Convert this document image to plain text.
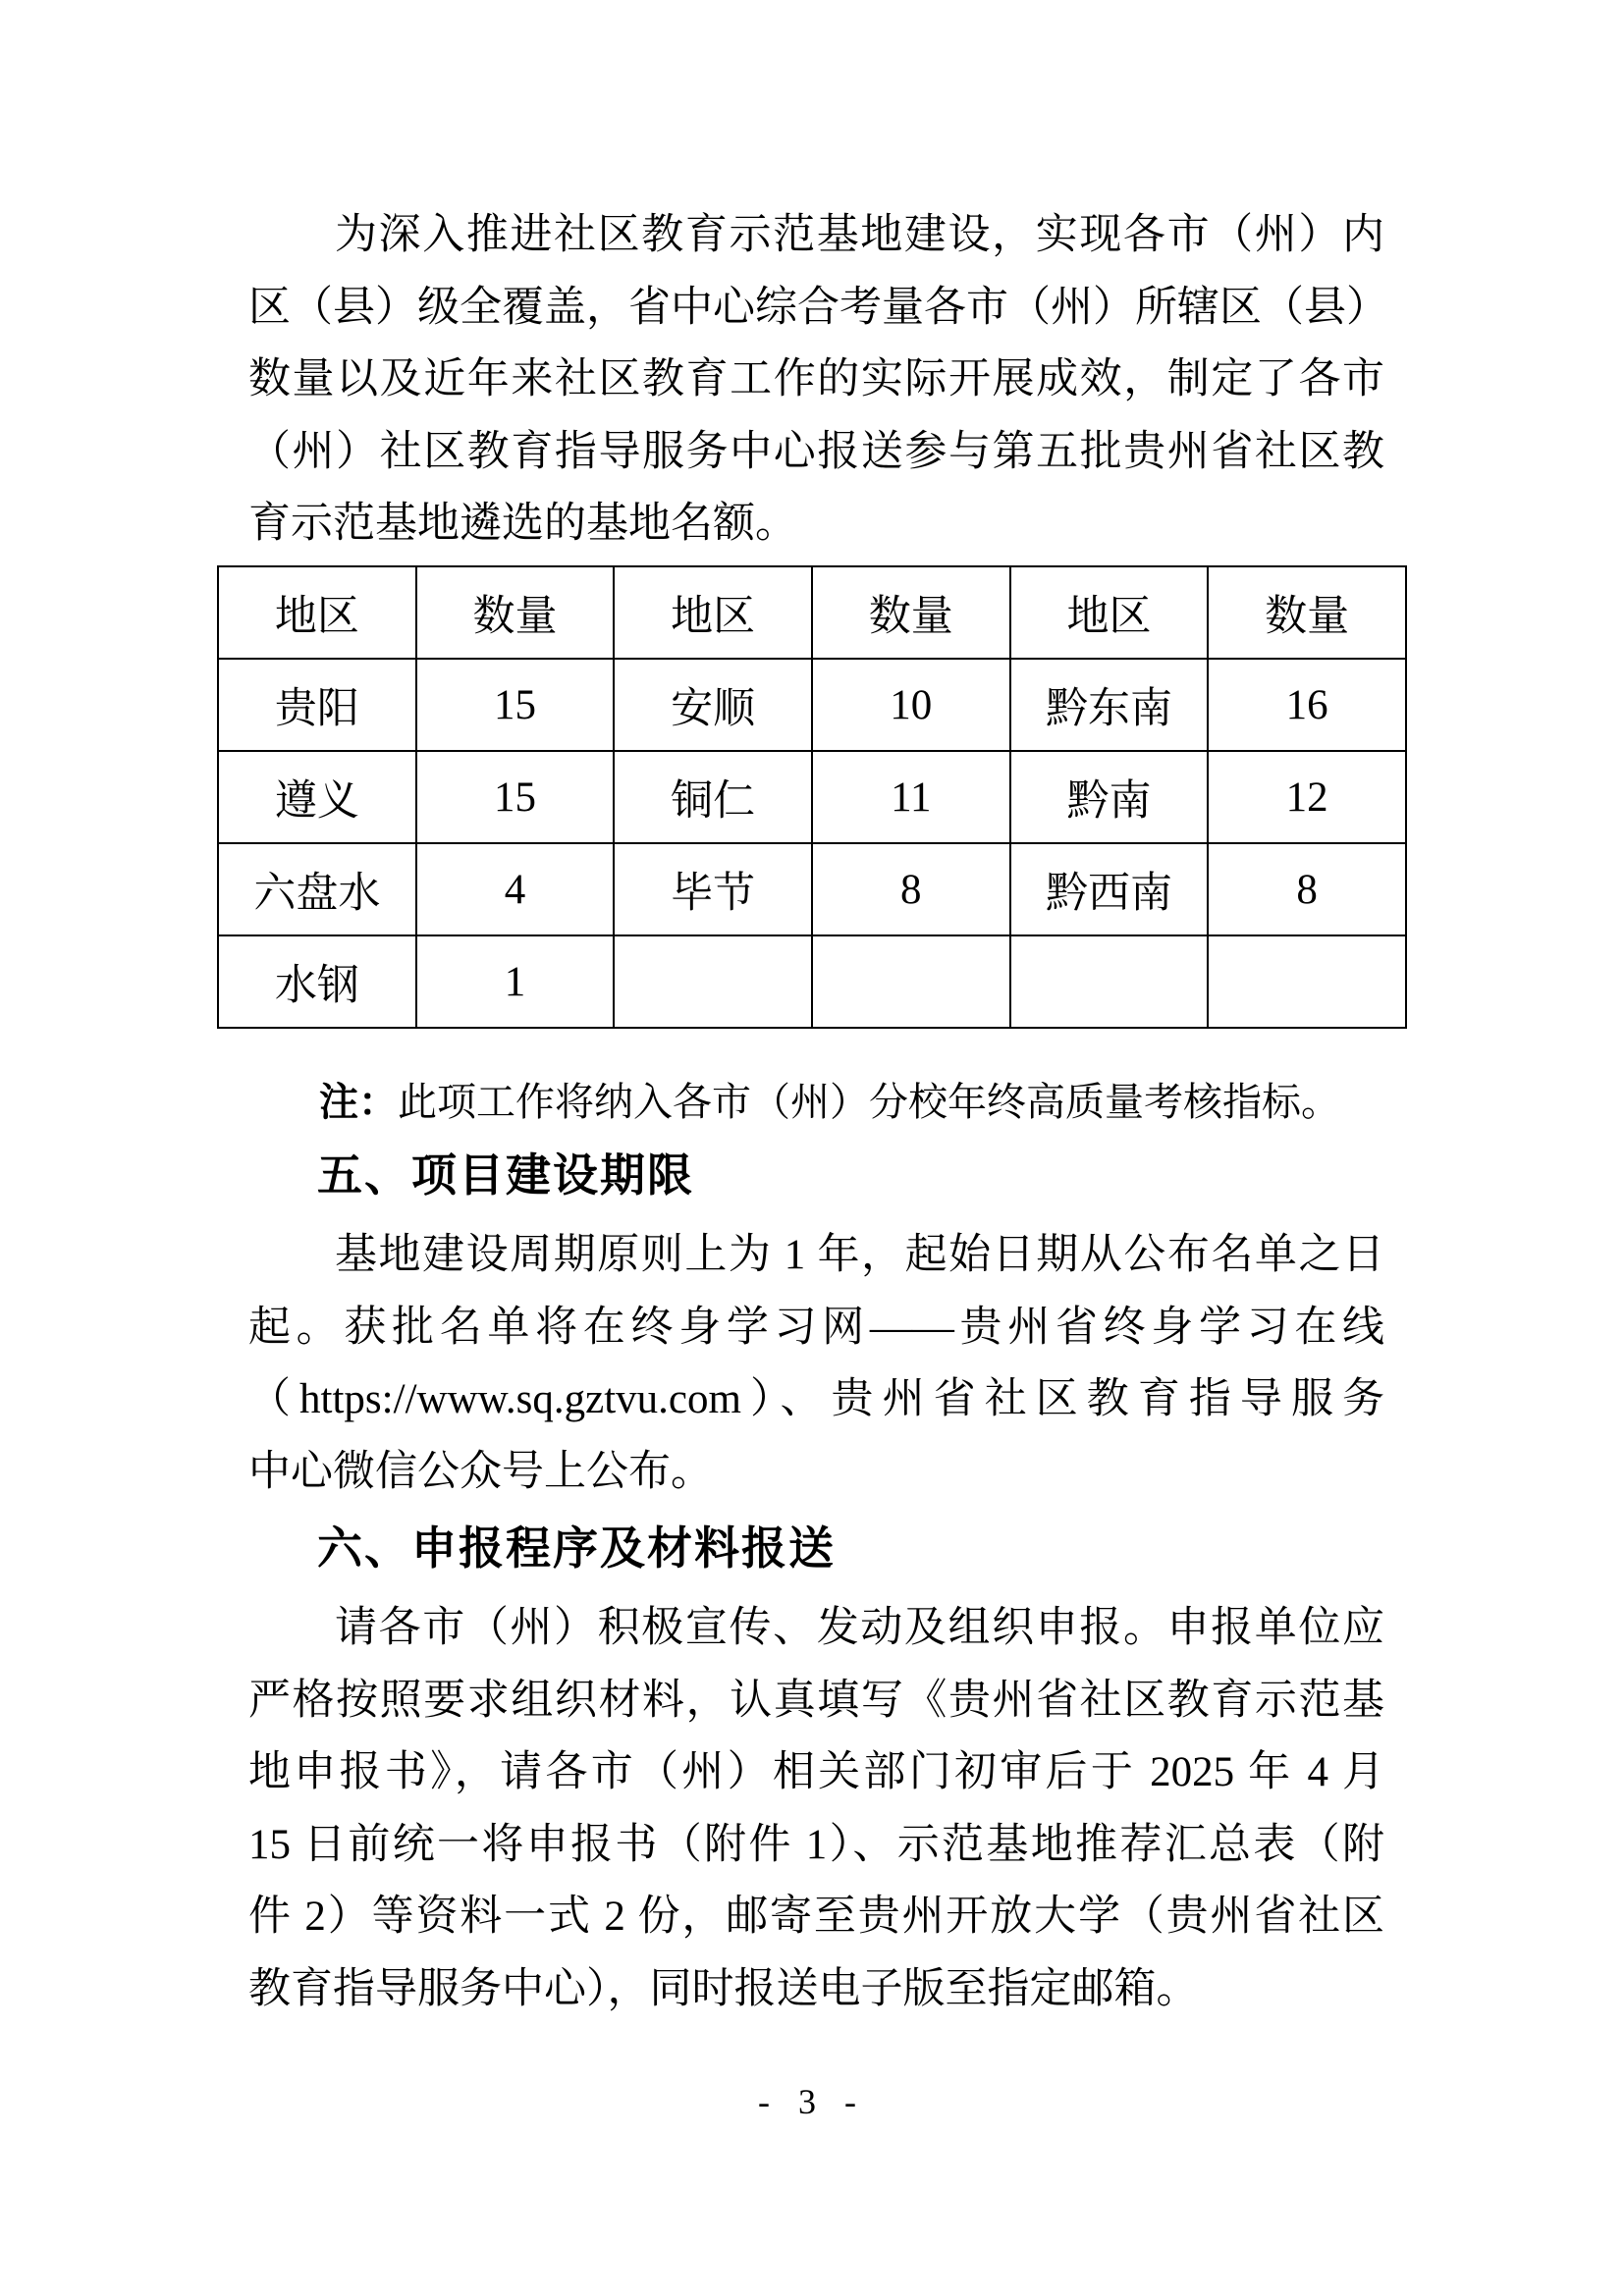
为深入推进社区教育示范基地建设，实现各市（州）内
区（县）级全覆盖，省中心综合考量各市（州）所辖区（县）
数量以及近年来社区教育工作的实际开展成效，制定了各市
（州）社区教育指导服务中心报送参与第五批贵州省社区教
育示范基地遴选的基地名额。
地区	数量	地区	数量	地区	数量
贵阳	15	安顺	10	黔东南	16
遵义	15	铜仁	11	黔南	12
六盘水	4	毕节	8	黔西南	8
水钢	1				
注：此项工作将纳入各市（州）分校年终高质量考核指标。
五、项目建设期限
基地建设周期原则上为 1 年，起始日期从公布名单之日
起。获批名单将在终身学习网——贵州省终身学习在线
（https://www.sq.gztvu.com）、贵州省社区教育指导服务
中心微信公众号上公布。
六、申报程序及材料报送
请各市（州）积极宣传、发动及组织申报。申报单位应
严格按照要求组织材料，认真填写《贵州省社区教育示范基
地申报书》，请各市（州）相关部门初审后于 2025 年 4 月
15 日前统一将申报书（附件 1）、示范基地推荐汇总表（附
件 2）等资料一式 2 份，邮寄至贵州开放大学（贵州省社区
教育指导服务中心），同时报送电子版至指定邮箱。
- 3 -
